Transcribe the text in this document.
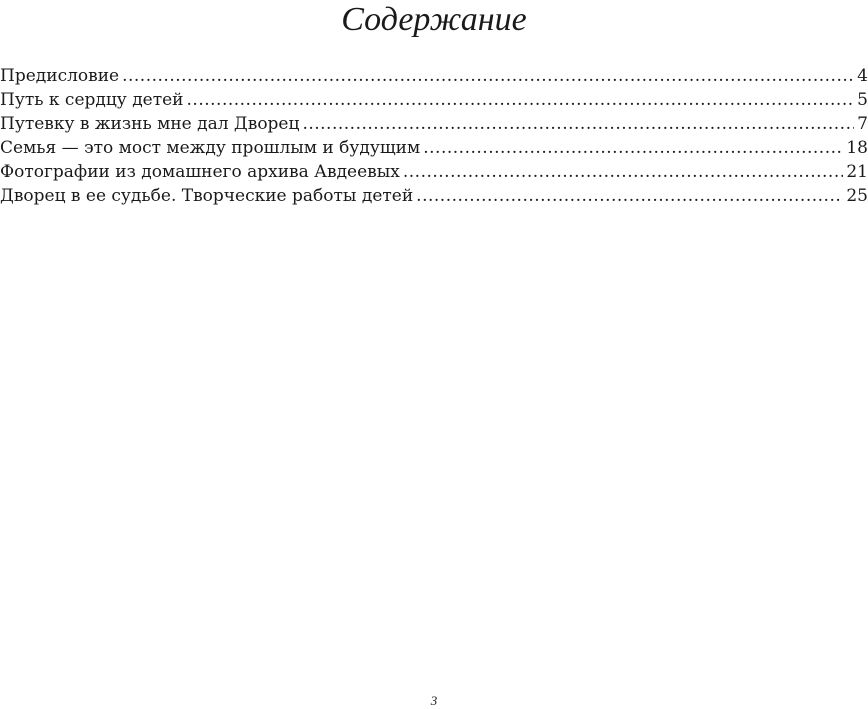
Содержание
Предисловие .....	4
Путь к сердцу детей .....	5
Путевку в жизнь мне дал Дворец .....	7
Семья — это мост между прошлым и будущим .....	18
Фотографии из домашнего архива Авдеевых .....	21
Дворец в ее судьбе. Творческие работы детей .....	25
3
